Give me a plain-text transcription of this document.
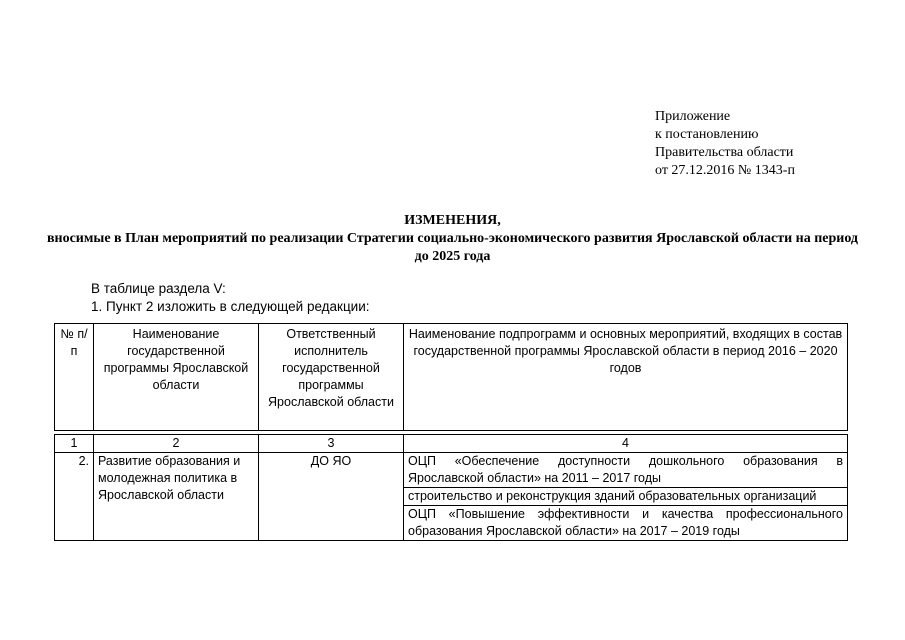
Приложение
к постановлению
Правительства области
от 27.12.2016 № 1343-п
ИЗМЕНЕНИЯ,
вносимые в План мероприятий по реализации Стратегии социально-экономического развития Ярославской области на период до 2025 года
В таблице раздела V:
1. Пункт 2 изложить в следующей редакции:
№ п/п	Наименование государственной программы Ярославской области	Ответственный исполнитель государственной программы Ярославской области	Наименование подпрограмм и основных мероприятий, входящих в состав государственной программы Ярославской области в период 2016 – 2020 годов
1	2	3	4
2.	Развитие образования и молодежная политика в Ярославской области	ДО ЯО	ОЦП «Обеспечение доступности дошкольного образования в Ярославской области» на 2011 – 2017 годы
			строительство и реконструкция зданий образовательных организаций
			ОЦП «Повышение эффективности и качества профессионального образования Ярославской области» на 2017 – 2019 годы
